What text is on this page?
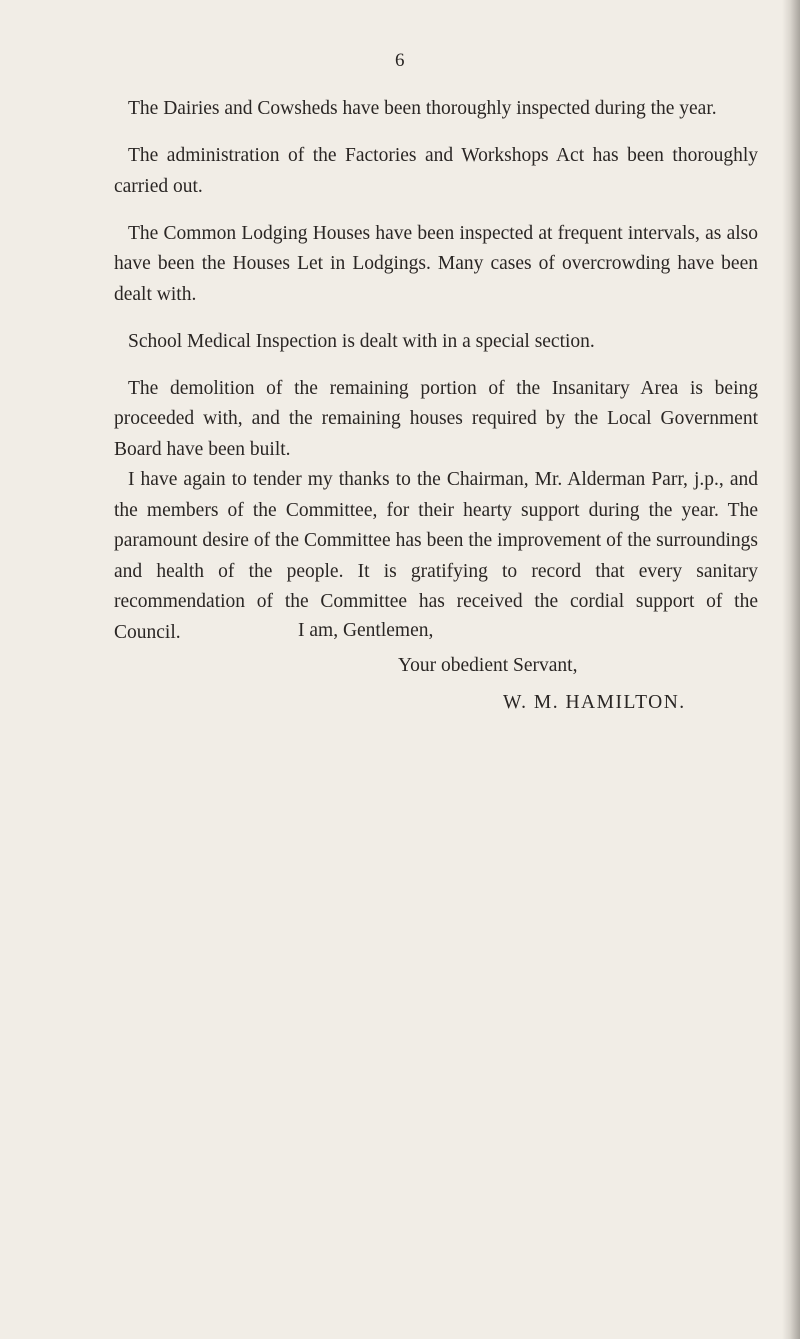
6

The Dairies and Cowsheds have been thoroughly inspected during the year.

The administration of the Factories and Workshops Act has been thoroughly carried out.

The Common Lodging Houses have been inspected at frequent intervals, as also have been the Houses Let in Lodgings. Many cases of overcrowding have been dealt with.

School Medical Inspection is dealt with in a special section.

The demolition of the remaining portion of the Insanitary Area is being proceeded with, and the remaining houses required by the Local Government Board have been built.

I have again to tender my thanks to the Chairman, Mr. Alderman Parr, j.p., and the members of the Committee, for their hearty support during the year. The paramount desire of the Committee has been the improvement of the surroundings and health of the people. It is gratifying to record that every sanitary recommendation of the Committee has received the cordial support of the Council.	I am, Gentlemen,
Your obedient Servant,
W. M. HAMILTON.
